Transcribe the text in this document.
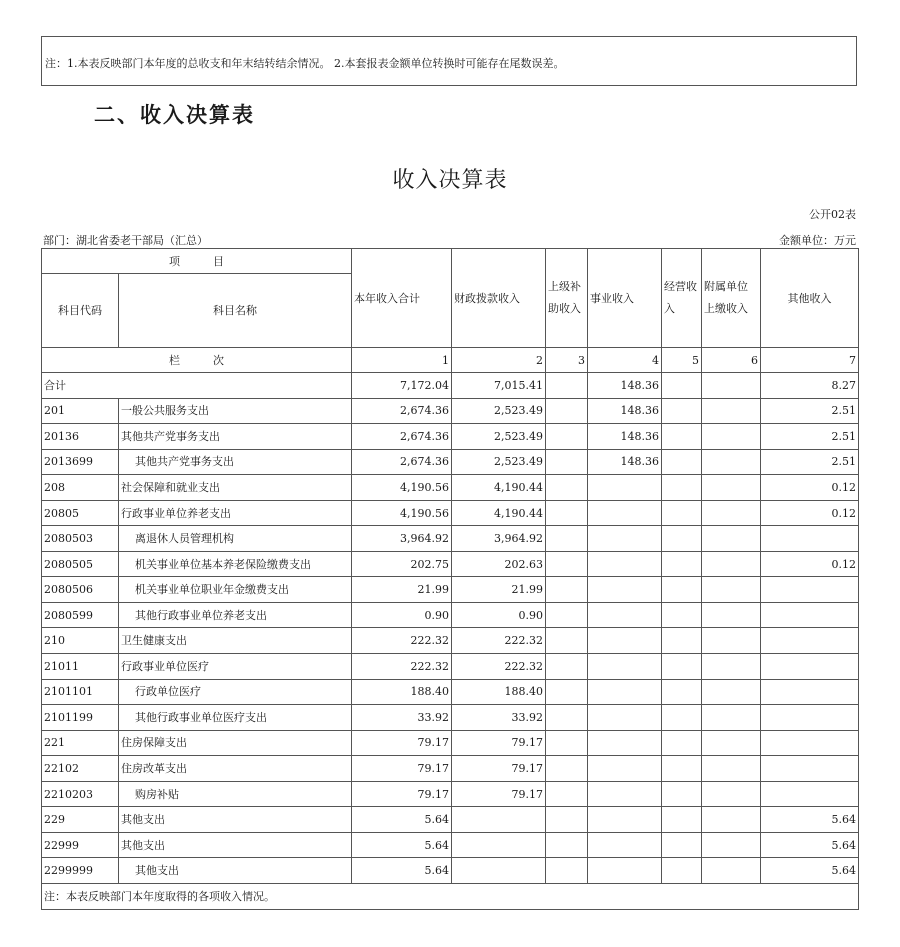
注：1.本表反映部门本年度的总收支和年末结转结余情况。 2.本套报表金额单位转换时可能存在尾数误差。
二、收入决算表
收入决算表
公开02表
部门：湖北省委老干部局（汇总）	金额单位：万元
项　　　目		本年收入合计	财政拨款收入	上级补助收入	事业收入	经营收入	附属单位上缴收入	其他收入
科目代码	科目名称							

栏　　　次		1	2	3	4	5	6	7
合计		7,172.04	7,015.41		148.36			8.27
201	一般公共服务支出	2,674.36	2,523.49		148.36			2.51
20136	其他共产党事务支出	2,674.36	2,523.49		148.36			2.51
2013699	其他共产党事务支出	2,674.36	2,523.49		148.36			2.51
208	社会保障和就业支出	4,190.56	4,190.44					0.12
20805	行政事业单位养老支出	4,190.56	4,190.44					0.12
2080503	离退休人员管理机构	3,964.92	3,964.92					
2080505	机关事业单位基本养老保险缴费支出	202.75	202.63					0.12
2080506	机关事业单位职业年金缴费支出	21.99	21.99					
2080599	其他行政事业单位养老支出	0.90	0.90					
210	卫生健康支出	222.32	222.32					
21011	行政事业单位医疗	222.32	222.32					
2101101	行政单位医疗	188.40	188.40					
2101199	其他行政事业单位医疗支出	33.92	33.92					
221	住房保障支出	79.17	79.17					
22102	住房改革支出	79.17	79.17					
2210203	购房补贴	79.17	79.17					
229	其他支出	5.64						5.64
22999	其他支出	5.64						5.64
2299999	其他支出	5.64						5.64
注：本表反映部门本年度取得的各项收入情况。								
